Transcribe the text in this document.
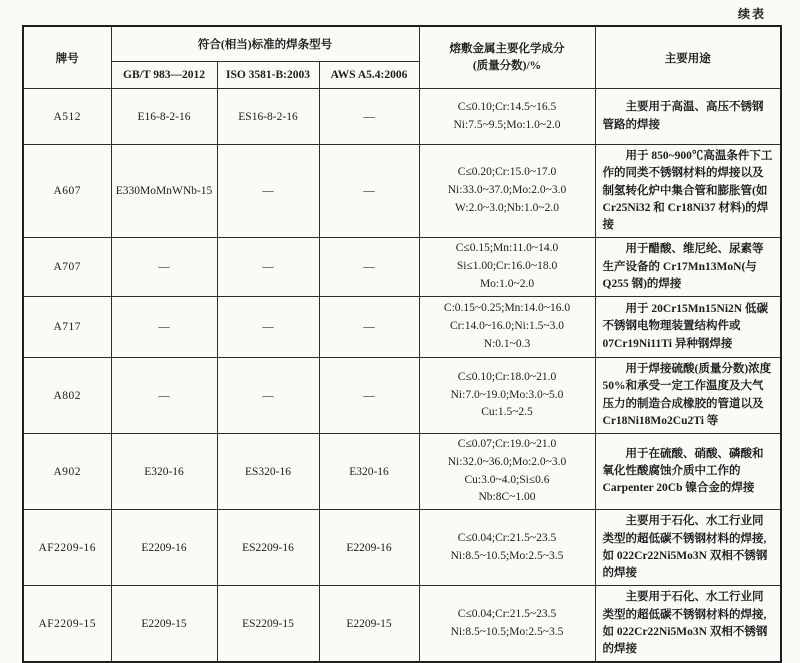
续表
牌号	符合(相当)标准的焊条型号			熔敷金属主要化学成分
(质量分数)/%	主要用途
	GB/T 983—2012	ISO 3581-B:2003	AWS A5.4:2006		
A512	E16-8-2-16	ES16-8-2-16	—	C≤0.10;Cr:14.5~16.5
Ni:7.5~9.5;Mo:1.0~2.0	主要用于高温、高压不锈钢管路的焊接
A607	E330MoMnWNb-15	—	—	C≤0.20;Cr:15.0~17.0
Ni:33.0~37.0;Mo:2.0~3.0
W:2.0~3.0;Nb:1.0~2.0	用于 850~900℃高温条件下工作的同类不锈钢材料的焊接以及制氢转化炉中集合管和膨胀管(如 Cr25Ni32 和 Cr18Ni37 材料)的焊接
A707	—	—	—	C≤0.15;Mn:11.0~14.0
Si≤1.00;Cr:16.0~18.0
Mo:1.0~2.0	用于醋酸、维尼纶、尿素等生产设备的 Cr17Mn13MoN(与 Q255 钢)的焊接
A717	—	—	—	C:0.15~0.25;Mn:14.0~16.0
Cr:14.0~16.0;Ni:1.5~3.0
N:0.1~0.3	用于 20Cr15Mn15Ni2N 低碳不锈钢电物理装置结构件或 07Cr19Ni11Ti 异种钢焊接
A802	—	—	—	C≤0.10;Cr:18.0~21.0
Ni:7.0~19.0;Mo:3.0~5.0
Cu:1.5~2.5	用于焊接硫酸(质量分数)浓度 50%和承受一定工作温度及大气压力的制造合成橡胶的管道以及 Cr18Ni18Mo2Cu2Ti 等
A902	E320-16	ES320-16	E320-16	C≤0.07;Cr:19.0~21.0
Ni:32.0~36.0;Mo:2.0~3.0
Cu:3.0~4.0;Si≤0.6
Nb:8C~1.00	用于在硫酸、硝酸、磷酸和氧化性酸腐蚀介质中工作的 Carpenter 20Cb 镍合金的焊接
AF2209-16	E2209-16	ES2209-16	E2209-16	C≤0.04;Cr:21.5~23.5
Ni:8.5~10.5;Mo:2.5~3.5	主要用于石化、水工行业同类型的超低碳不锈钢材料的焊接,如 022Cr22Ni5Mo3N 双相不锈钢的焊接
AF2209-15	E2209-15	ES2209-15	E2209-15	C≤0.04;Cr:21.5~23.5
Ni:8.5~10.5;Mo:2.5~3.5	主要用于石化、水工行业同类型的超低碳不锈钢材料的焊接,如 022Cr22Ni5Mo3N 双相不锈钢的焊接
